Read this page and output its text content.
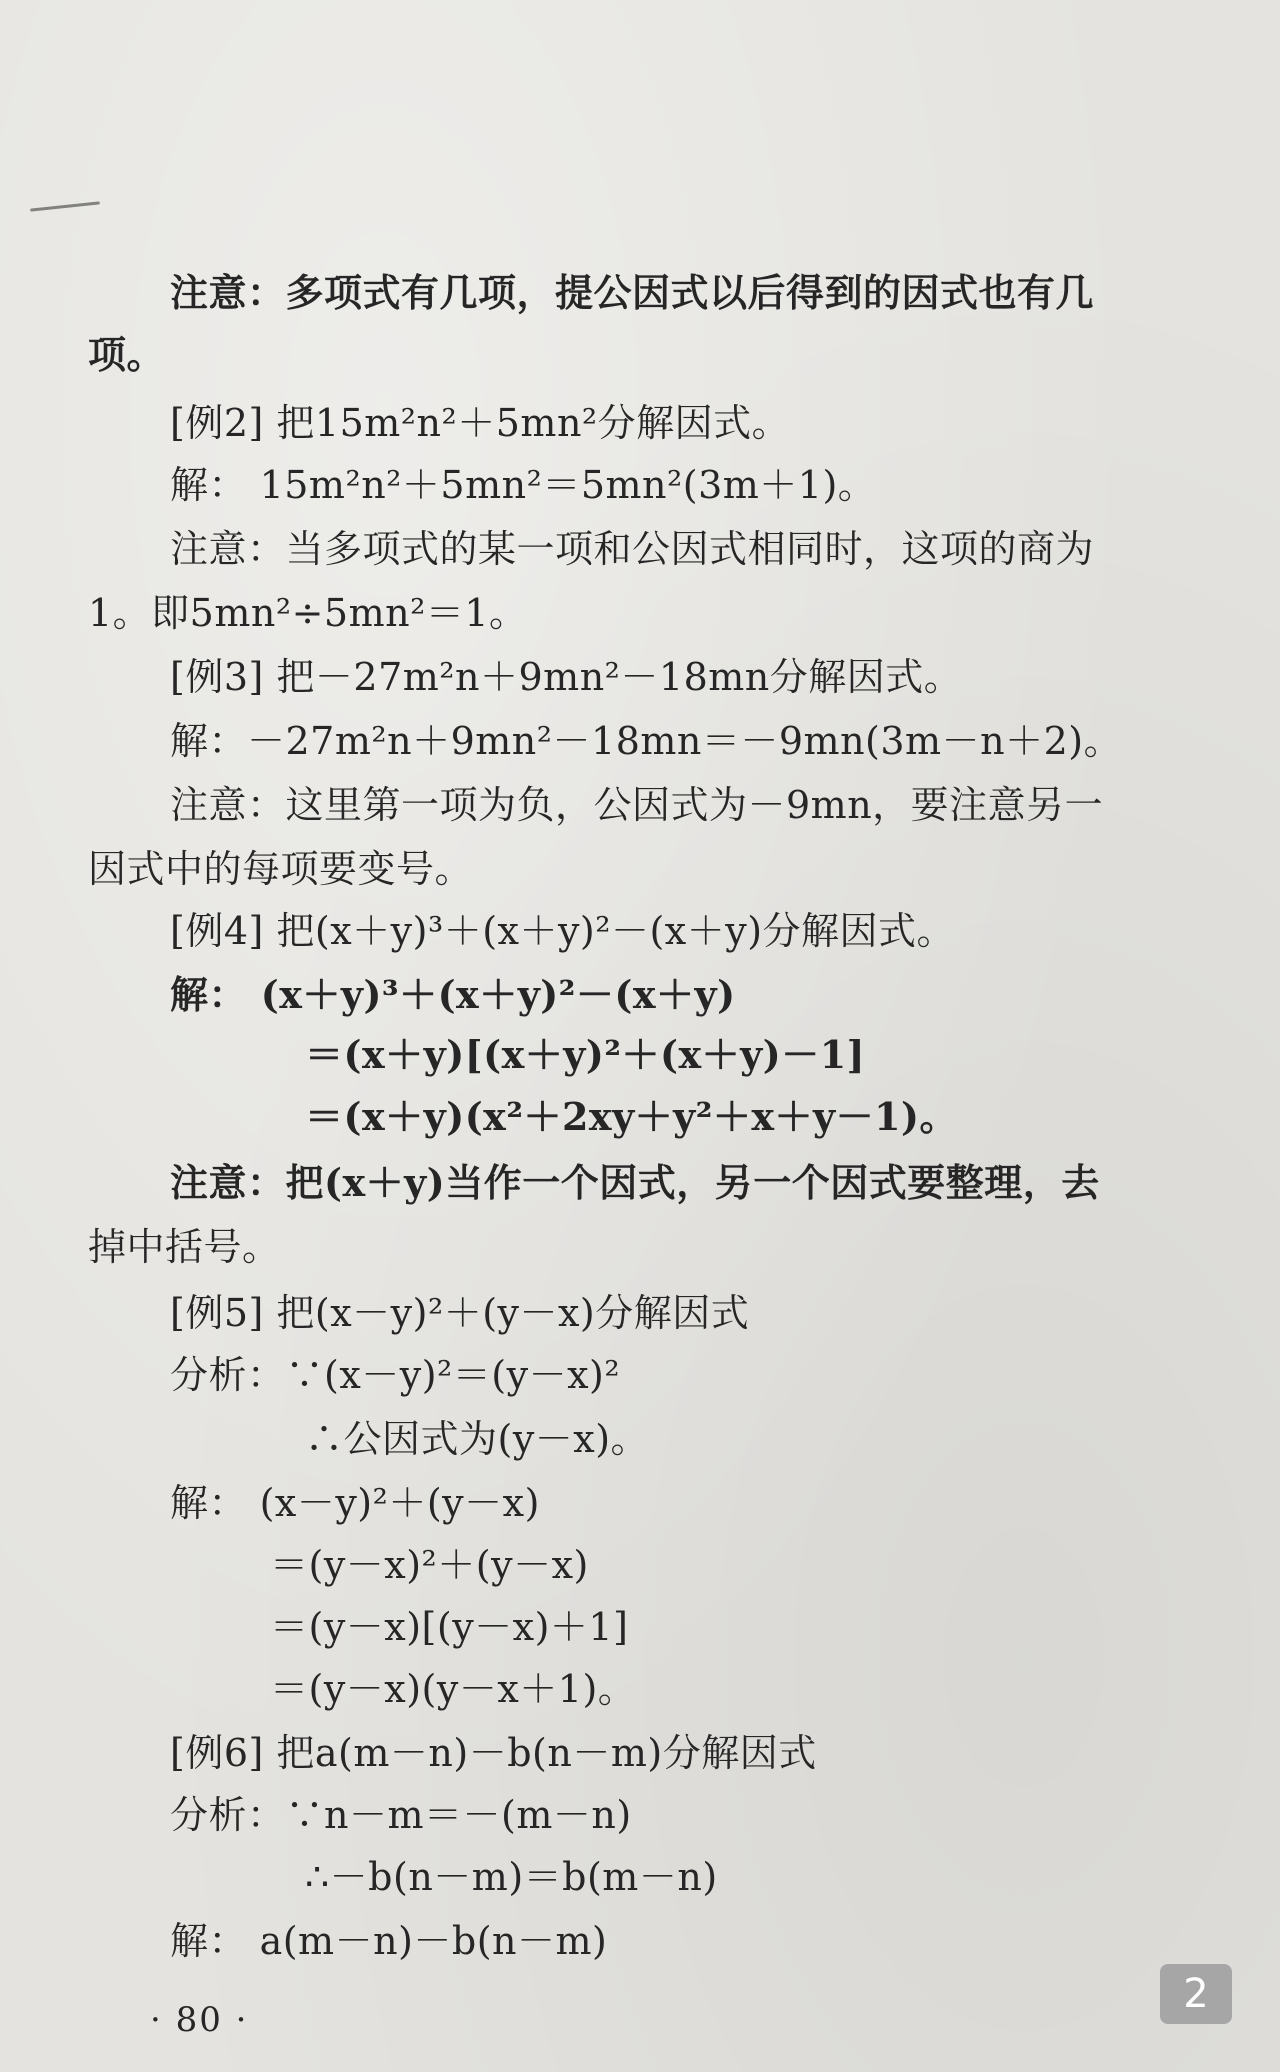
注意：多项式有几项，提公因式以后得到的因式也有几
项。
[例2] 把15m²n²＋5mn²分解因式。
解： 15m²n²＋5mn²＝5mn²(3m＋1)。
注意：当多项式的某一项和公因式相同时，这项的商为
1。即5mn²÷5mn²＝1。
[例3] 把－27m²n＋9mn²－18mn分解因式。
解：－27m²n＋9mn²－18mn＝－9mn(3m－n＋2)。
注意：这里第一项为负，公因式为－9mn，要注意另一
因式中的每项要变号。
[例4] 把(x＋y)³＋(x＋y)²－(x＋y)分解因式。
解： (x＋y)³＋(x＋y)²－(x＋y)
＝(x＋y)[(x＋y)²＋(x＋y)－1]
＝(x＋y)(x²＋2xy＋y²＋x＋y－1)。
注意：把(x＋y)当作一个因式，另一个因式要整理，去
掉中括号。
[例5] 把(x－y)²＋(y－x)分解因式
分析：∵(x－y)²＝(y－x)²
∴公因式为(y－x)。
解： (x－y)²＋(y－x)
＝(y－x)²＋(y－x)
＝(y－x)[(y－x)＋1]
＝(y－x)(y－x＋1)。
[例6] 把a(m－n)－b(n－m)分解因式
分析：∵n－m＝－(m－n)
∴－b(n－m)＝b(m－n)
解： a(m－n)－b(n－m)
· 80 ·
2
